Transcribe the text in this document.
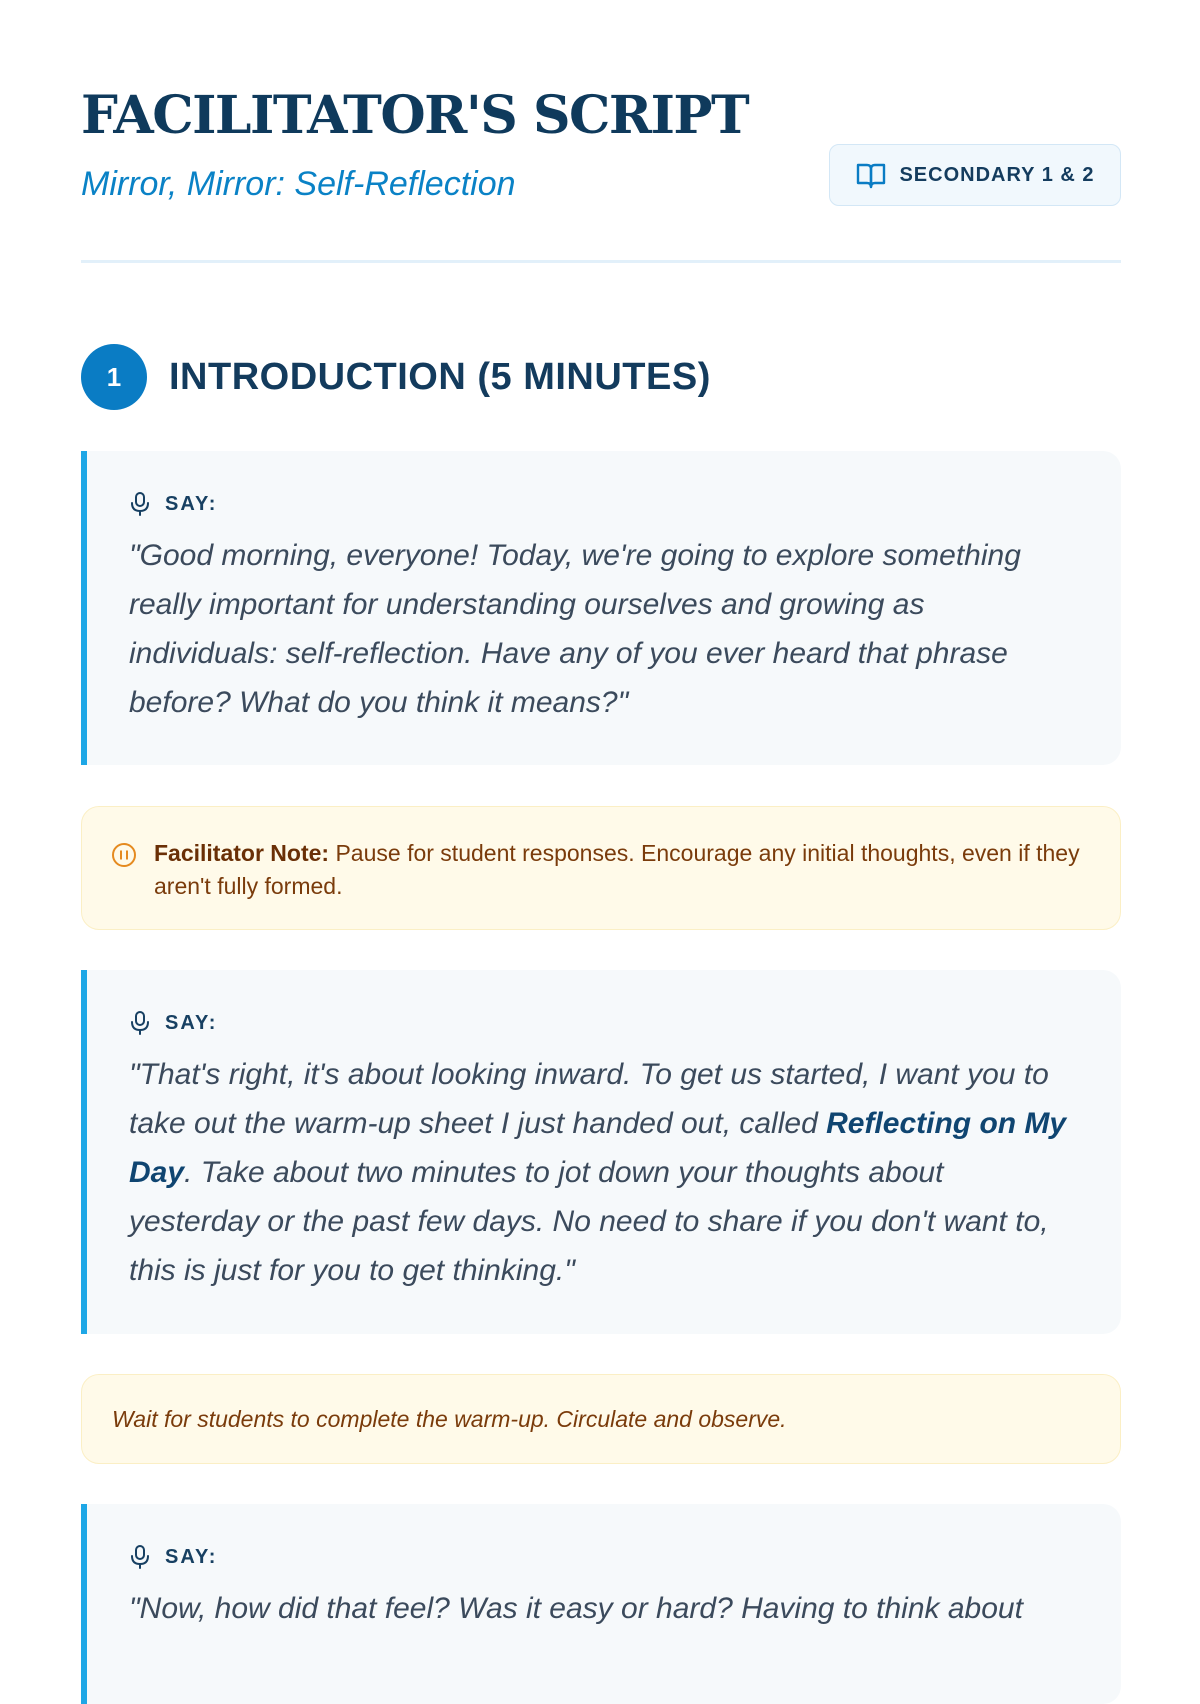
FACILITATOR'S SCRIPT
Mirror, Mirror: Self-Reflection	SECONDARY 1 & 2
1	INTRODUCTION (5 MINUTES)
SAY:

"Good morning, everyone! Today, we're going to explore something really important for understanding ourselves and growing as individuals: self-reflection. Have any of you ever heard that phrase before? What do you think it means?"

Facilitator Note: Pause for student responses. Encourage any initial thoughts, even if they aren't fully formed.

SAY:

"That's right, it's about looking inward. To get us started, I want you to take out the warm-up sheet I just handed out, called Reflecting on My Day. Take about two minutes to jot down your thoughts about yesterday or the past few days. No need to share if you don't want to, this is just for you to get thinking."

Wait for students to complete the warm-up. Circulate and observe.

SAY:

"Now, how did that feel? Was it easy or hard? Having to think about
